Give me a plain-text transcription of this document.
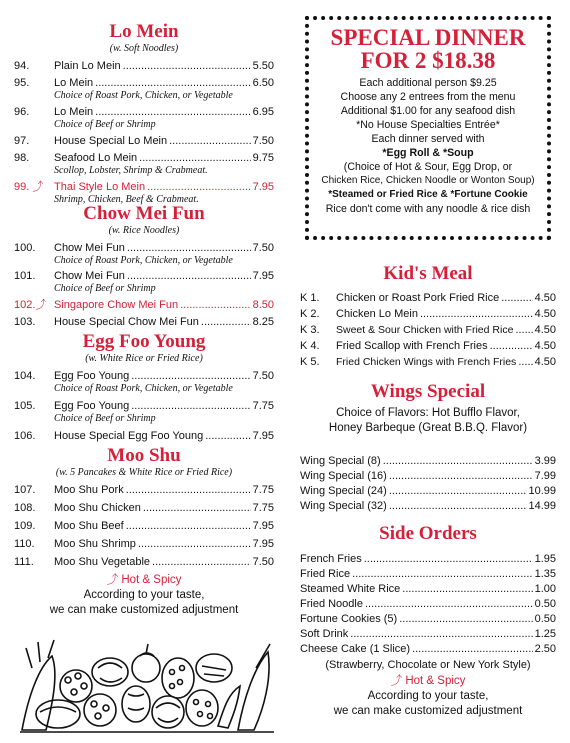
Lo Mein
(w. Soft Noodles)
94.	Plain Lo Mein .....	5.50
95.	Lo Mein .....	6.50
Choice of Roast Pork, Chicken, or Vegetable
96.	Lo Mein .....	6.95
Choice of Beef or Shrimp
97.	House Special Lo Mein .....	7.50
98.	Seafood Lo Mein .....	9.75
Scollop, Lobster, Shrimp & Crabmeat.
99. ⤴ Thai Style Lo Mein .....	7.95
Shrimp, Chicken, Beef & Crabmeat.
Chow Mei Fun
(w. Rice Noodles)
100.	Chow Mei Fun .....	7.50
Choice of Roast Pork, Chicken, or Vegetable
101.	Chow Mei Fun .....	7.95
Choice of Beef or Shrimp
102.⤴ Singapore Chow Mei Fun .....	8.50
103.	House Special Chow Mei Fun .....	8.25
Egg Foo Young
(w. White Rice or Fried Rice)
104.	Egg Foo Young .....	7.50
Choice of Roast Pork, Chicken, or Vegetable
105.	Egg Foo Young .....	7.75
Choice of Beef or Shrimp
106.	House Special Egg Foo Young .....	7.95
Moo Shu
(w. 5 Pancakes & White Rice or Fried Rice)
107.	Moo Shu Pork .....	7.75
108.	Moo Shu Chicken .....	7.75
109.	Moo Shu Beef .....	7.95
110.	Moo Shu Shrimp .....	7.95
111.	Moo Shu Vegetable .....	7.50
⤴ Hot & Spicy
According to your taste,
we can make customized adjustment
SPECIAL DINNER
FOR 2 $18.38
Each additional person $9.25
Choose any 2 entrees from the menu
Additional $1.00 for any seafood dish
*No House Specialties Entrée*
Each dinner served with
*Egg Roll & *Soup
(Choice of Hot & Sour, Egg Drop, or
Chicken Rice, Chicken Noodle or Wonton Soup)
*Steamed or Fried Rice & *Fortune Cookie
Rice don't come with any noodle & rice dish
Kid's Meal
K 1.	Chicken or Roast Pork Fried Rice .....	4.50
K 2.	Chicken Lo Mein .....	4.50
K 3.	Sweet & Sour Chicken with Fried Rice ..... 4.50
K 4.	Fried Scallop with French Fries .....	4.50
K 5.	Fried Chicken Wings with French Fries ..... 4.50
Wings Special
Choice of Flavors: Hot Bufflo Flavor,
Honey Barbeque (Great B.B.Q. Flavor)
Wing Special (8) .....	3.99
Wing Special (16) .....	7.99
Wing Special (24) .....	10.99
Wing Special (32) .....	14.99
Side Orders
French Fries .....	1.95
Fried Rice .....	1.35
Steamed White Rice .....	1.00
Fried Noodle .....	0.50
Fortune Cookies (5) .....	0.50
Soft Drink .....	1.25
Cheese Cake (1 Slice) .....	2.50
(Strawberry, Chocolate or New York Style)
⤴ Hot & Spicy
According to your taste,
we can make customized adjustment
